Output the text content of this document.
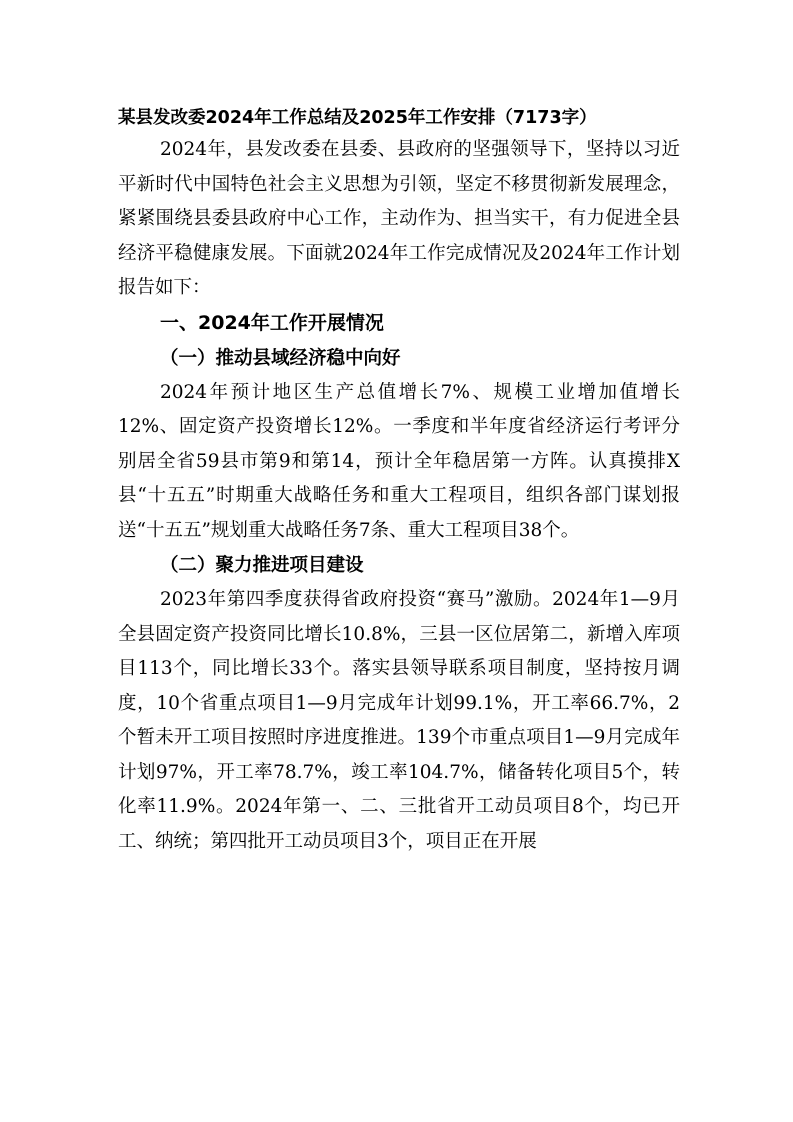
某县发改委2024年工作总结及2025年工作安排（7173字）

2024年，县发改委在县委、县政府的坚强领导下，坚持以习近平新时代中国特色社会主义思想为引领，坚定不移贯彻新发展理念，紧紧围绕县委县政府中心工作，主动作为、担当实干，有力促进全县经济平稳健康发展。下面就2024年工作完成情况及2024年工作计划报告如下：

一、2024年工作开展情况
（一）推动县域经济稳中向好

2024年预计地区生产总值增长7%、规模工业增加值增长12%、固定资产投资增长12%。一季度和半年度省经济运行考评分别居全省59县市第9和第14，预计全年稳居第一方阵。认真摸排X县“十五五”时期重大战略任务和重大工程项目，组织各部门谋划报送“十五五”规划重大战略任务7条、重大工程项目38个。

（二）聚力推进项目建设

2023年第四季度获得省政府投资“赛马”激励。2024年1—9月全县固定资产投资同比增长10.8%，三县一区位居第二，新增入库项目113个，同比增长33个。落实县领导联系项目制度，坚持按月调度，10个省重点项目1—9月完成年计划99.1%，开工率66.7%，2个暂未开工项目按照时序进度推进。139个市重点项目1—9月完成年计划97%，开工率78.7%，竣工率104.7%，储备转化项目5个，转化率11.9%。2024年第一、二、三批省开工动员项目8个，均已开工、纳统；第四批开工动员项目3个，项目正在开展
